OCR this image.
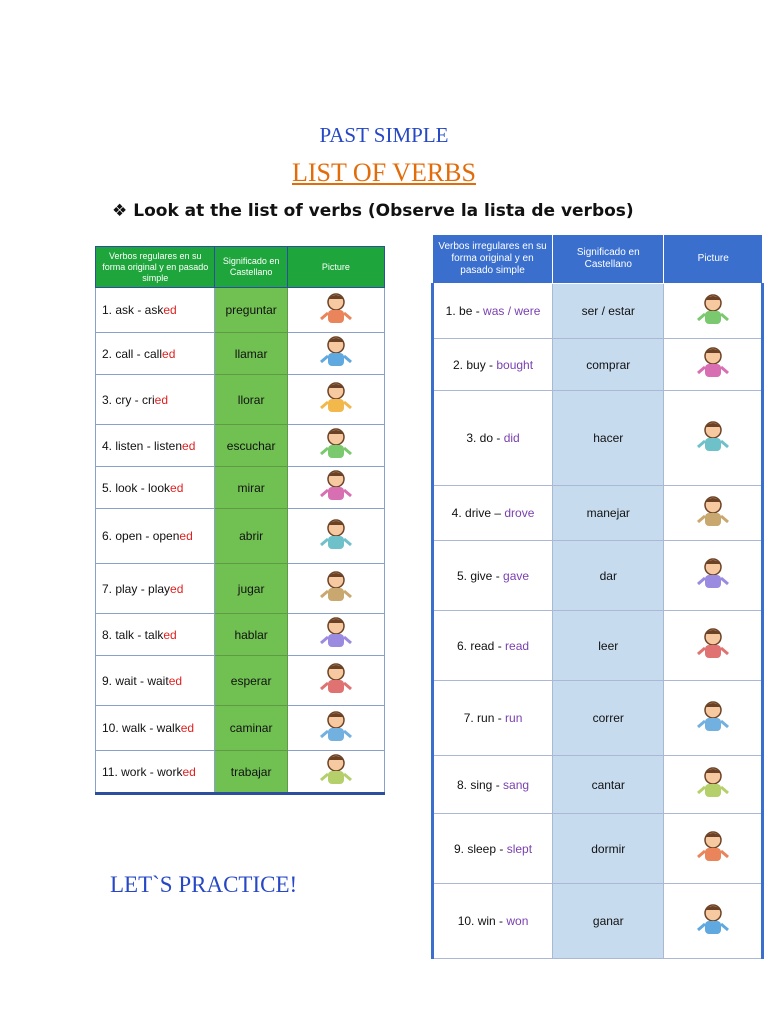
PAST SIMPLE
LIST OF VERBS
❖ Look at the list of verbs (Observe la lista de verbos)
Verbos regulares en su forma original y en pasado simple	Significado en Castellano	Picture
1. ask - asked	preguntar	
2. call - called	llamar	
3. cry - cried	llorar	
4. listen - listened	escuchar	
5. look - looked	mirar	
6. open - opened	abrir	
7. play - played	jugar	
8. talk - talked	hablar	
9. wait - waited	esperar	
10. walk - walked	caminar	
11. work - worked	trabajar	
Verbos irregulares en su forma original y en pasado simple	Significado en Castellano	Picture
1. be - was / were	ser / estar	
2. buy - bought	comprar	
3. do - did	hacer	
4. drive – drove	manejar	
5. give - gave	dar	
6. read - read	leer	
7. run - run	correr	
8. sing - sang	cantar	
9. sleep - slept	dormir	
10. win - won	ganar	
LET`S PRACTICE!
